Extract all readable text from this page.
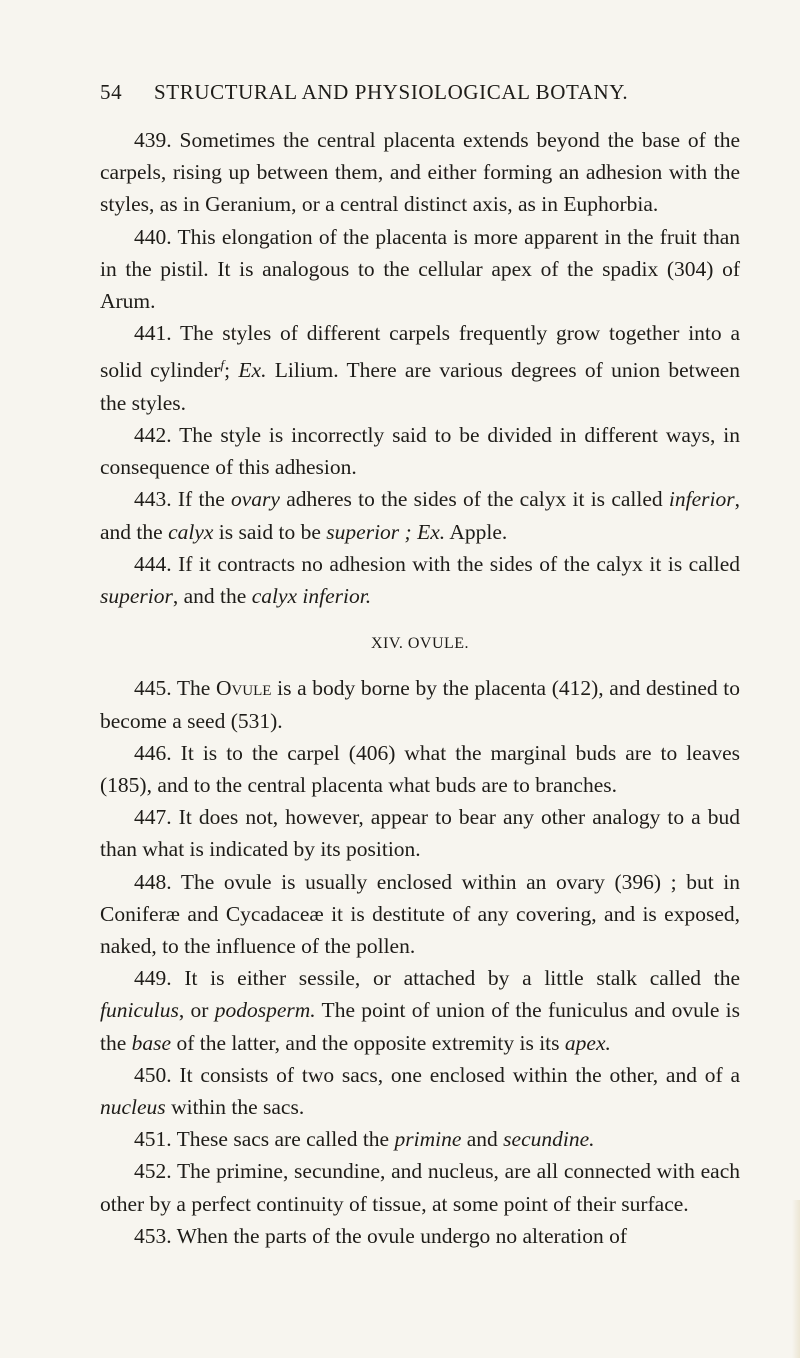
54 STRUCTURAL AND PHYSIOLOGICAL BOTANY.

439. Sometimes the central placenta extends beyond the base of the carpels, rising up between them, and either forming an adhesion with the styles, as in Geranium, or a central distinct axis, as in Euphorbia.

440. This elongation of the placenta is more apparent in the fruit than in the pistil. It is analogous to the cellular apex of the spadix (304) of Arum.

441. The styles of different carpels frequently grow together into a solid cylinder$^f$; Ex. Lilium. There are various degrees of union between the styles.

442. The style is incorrectly said to be divided in different ways, in consequence of this adhesion.

443. If the ovary adheres to the sides of the calyx it is called inferior, and the calyx is said to be superior ; Ex. Apple.

444. If it contracts no adhesion with the sides of the calyx it is called superior, and the calyx inferior.

XIV. OVULE.

445. The Ovule is a body borne by the placenta (412), and destined to become a seed (531).

446. It is to the carpel (406) what the marginal buds are to leaves (185), and to the central placenta what buds are to branches.

447. It does not, however, appear to bear any other analogy to a bud than what is indicated by its position.

448. The ovule is usually enclosed within an ovary (396) ; but in Coniferæ and Cycadaceæ it is destitute of any covering, and is exposed, naked, to the influence of the pollen.

449. It is either sessile, or attached by a little stalk called the funiculus, or podosperm. The point of union of the funiculus and ovule is the base of the latter, and the opposite extremity is its apex.

450. It consists of two sacs, one enclosed within the other, and of a nucleus within the sacs.

451. These sacs are called the primine and secundine.

452. The primine, secundine, and nucleus, are all connected with each other by a perfect continuity of tissue, at some point of their surface.

453. When the parts of the ovule undergo no alteration of
